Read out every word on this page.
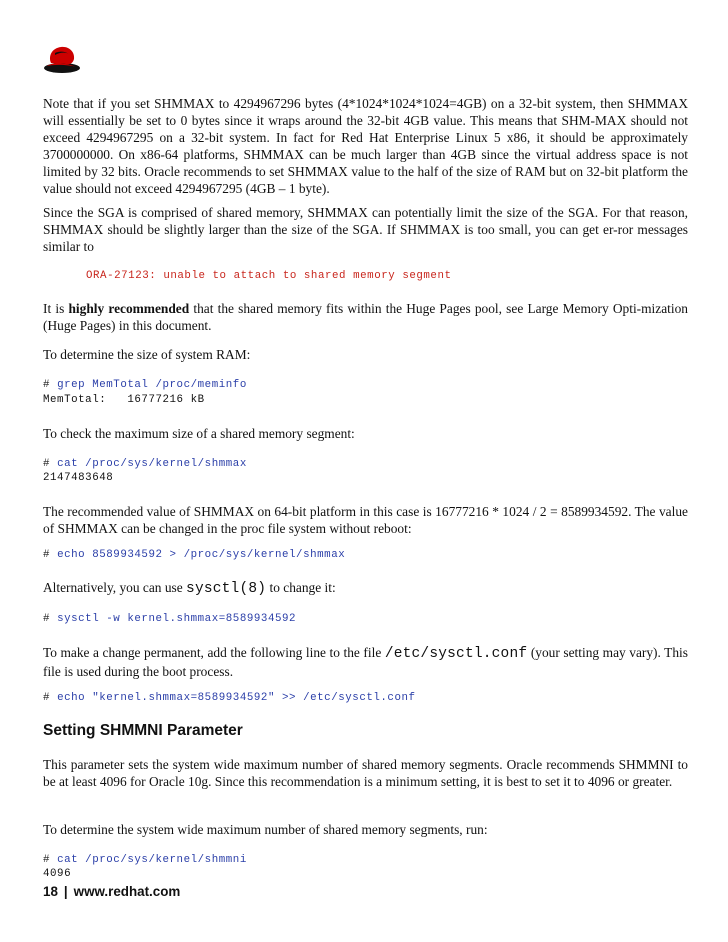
Note that if you set SHMMAX to 4294967296 bytes (4*1024*1024*1024=4GB) on a 32-bit system, then SHMMAX will essentially be set to 0 bytes since it wraps around the 32-bit 4GB value. This means that SHM-MAX should not exceed 4294967295 on a 32-bit system. In fact for Red Hat Enterprise Linux 5 x86, it should be approximately 3700000000. On x86-64 platforms, SHMMAX can be much larger than 4GB since the virtual address space is not limited by 32 bits. Oracle recommends to set SHMMAX value to the half of the size of RAM but on 32-bit platform the value should not exceed 4294967295 (4GB – 1 byte).

Since the SGA is comprised of shared memory, SHMMAX can potentially limit the size of the SGA. For that reason, SHMMAX should be slightly larger than the size of the SGA. If SHMMAX is too small, you can get er-ror messages similar to

ORA-27123: unable to attach to shared memory segment

It is highly recommended that the shared memory fits within the Huge Pages pool, see Large Memory Opti-mization (Huge Pages) in this document.

To determine the size of system RAM:

# grep MemTotal /proc/meminfo
MemTotal:   16777216 kB

To check the maximum size of a shared memory segment:

# cat /proc/sys/kernel/shmmax
2147483648

The recommended value of SHMMAX on 64-bit platform in this case is 16777216 * 1024 / 2 = 8589934592. The value of SHMMAX can be changed in the proc file system without reboot:

# echo 8589934592 > /proc/sys/kernel/shmmax

Alternatively, you can use sysctl(8) to change it:

# sysctl -w kernel.shmmax=8589934592

To make a change permanent, add the following line to the file /etc/sysctl.conf (your setting may vary). This file is used during the boot process.

# echo "kernel.shmmax=8589934592" >> /etc/sysctl.conf
Setting SHMMNI Parameter

This parameter sets the system wide maximum number of shared memory segments. Oracle recommends SHMMNI to be at least 4096 for Oracle 10g. Since this recommendation is a minimum setting, it is best to set it to 4096 or greater.

To determine the system wide maximum number of shared memory segments, run:

# cat /proc/sys/kernel/shmmni
4096
18 | www.redhat.com
